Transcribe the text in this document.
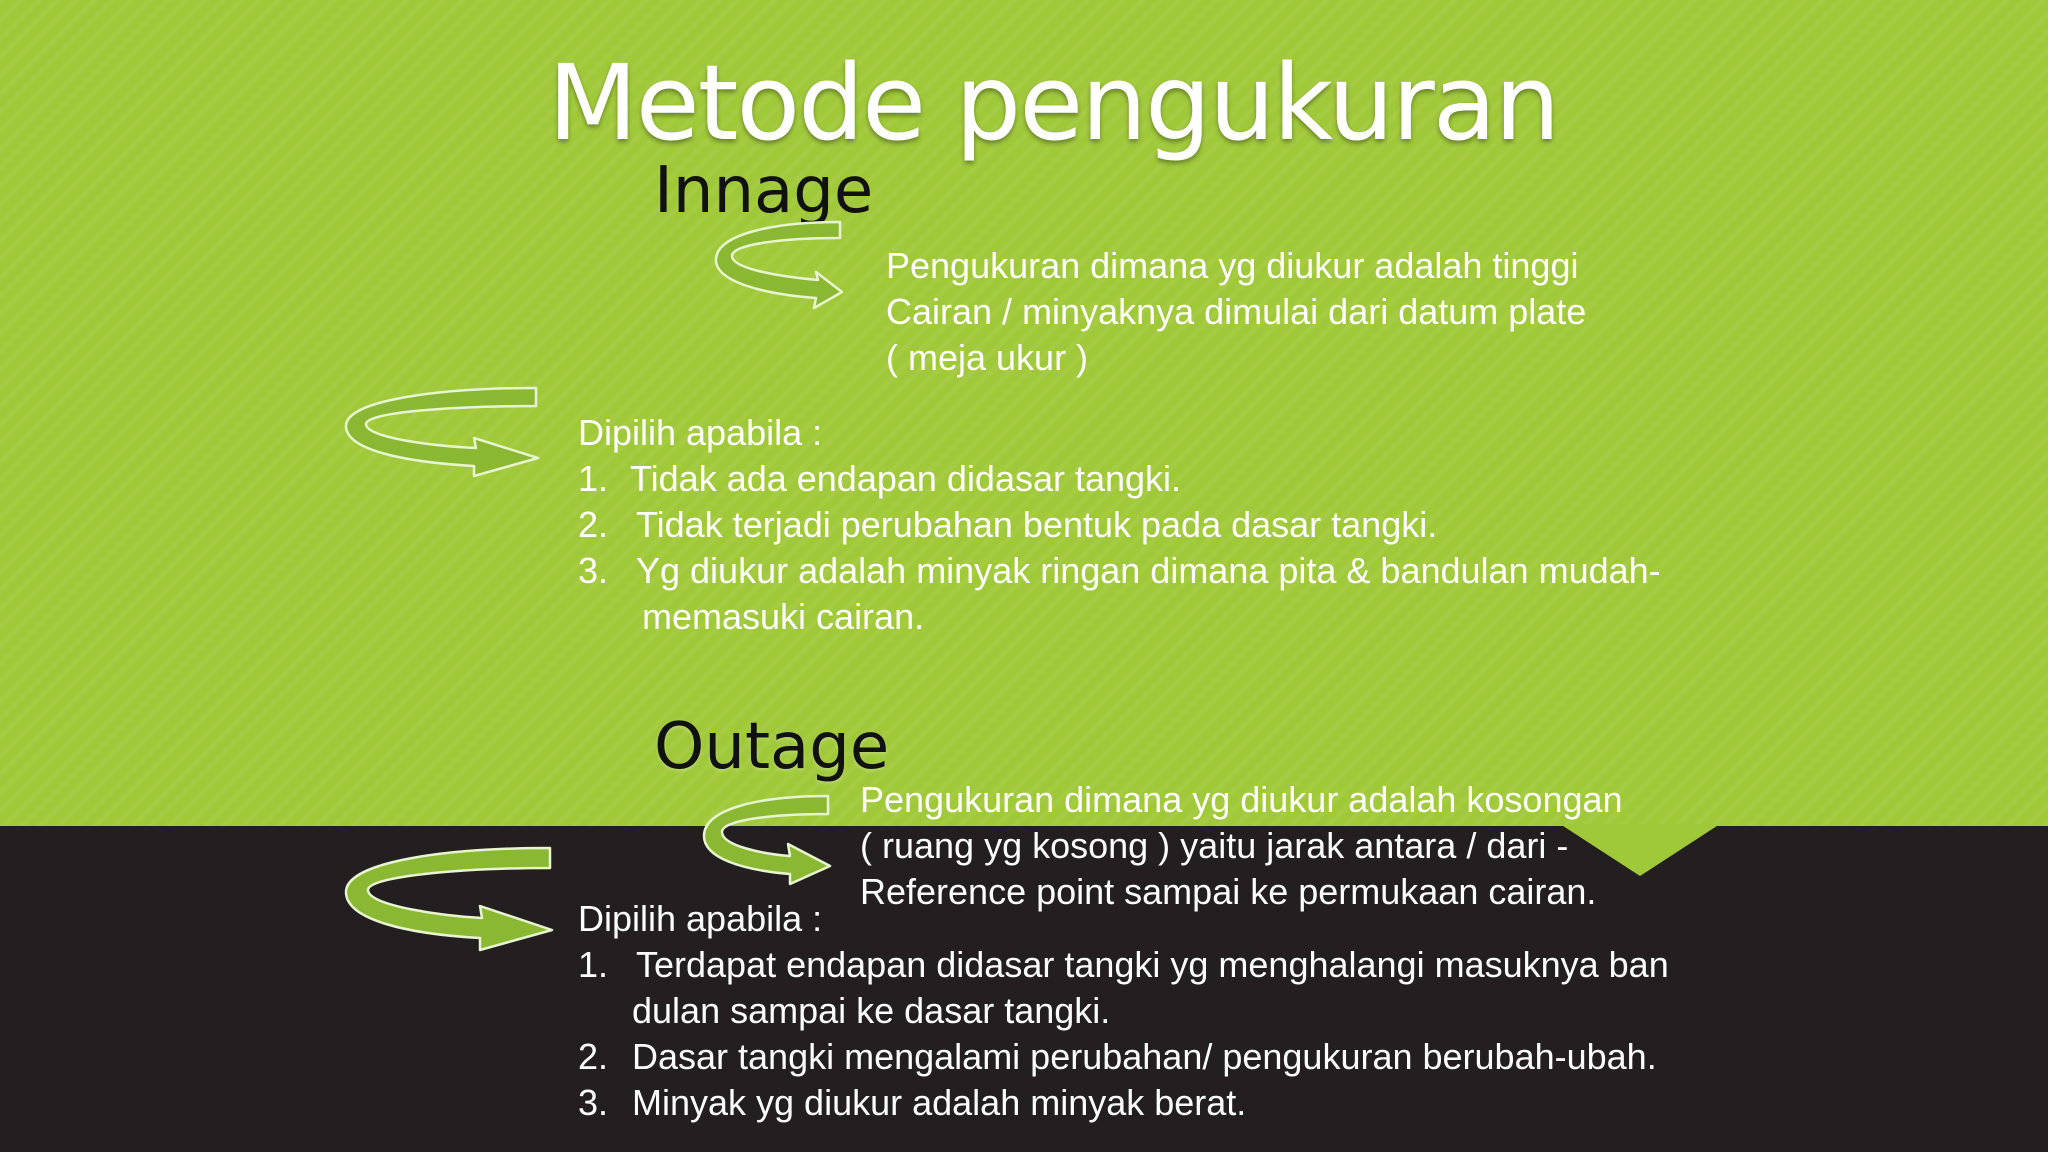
Metode pengukuran
Innage
Pengukuran dimana yg diukur adalah tinggi
Cairan / minyaknya dimulai dari datum plate
( meja ukur )
Dipilih apabila :
1. Tidak ada endapan didasar tangki.
2. Tidak terjadi perubahan bentuk pada dasar tangki.
3. Yg diukur adalah minyak ringan dimana pita & bandulan mudah-
memasuki cairan.
Outage
Pengukuran dimana yg diukur adalah kosongan
( ruang yg kosong ) yaitu jarak antara / dari -
Reference point sampai ke permukaan cairan.
Dipilih apabila :
1. Terdapat endapan didasar tangki yg menghalangi masuknya ban
dulan sampai ke dasar tangki.
2. Dasar tangki mengalami perubahan/ pengukuran berubah-ubah.
3. Minyak yg diukur adalah minyak berat.
